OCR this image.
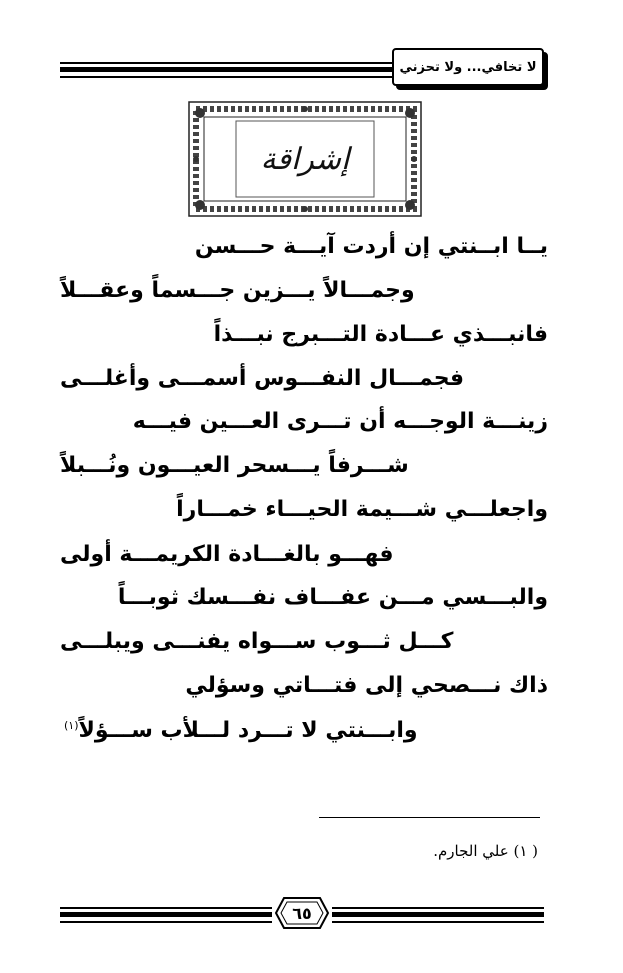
لا تخافي... ولا تحزني
إشراقة
يــا ابــنتي إن أردت آيـــة حـــسن
وجمـــالاً يـــزين جـــسماً وعقـــلاً
فانبـــذي عـــادة التـــبرج نبـــذاً
فجمـــال النفـــوس أسمـــى وأغلـــى
زينـــة الوجـــه أن تـــرى العـــين فيـــه
شـــرفاً يـــسحر العيـــون ونُـــبلاً
واجعلـــي شـــيمة الحيـــاء خمـــاراً
فهـــو بالغـــادة الكريمـــة أولى
والبـــسي مـــن عفـــاف نفـــسك ثوبـــاً
كـــل ثـــوب ســـواه يفنـــى ويبلـــى
ذاك نـــصحي إلى فتـــاتي وسؤلي
وابـــنتي لا تـــرد لـــلأب ســـؤلاً$^{(١)}$
( ١) علي الجارم.
٦٥
